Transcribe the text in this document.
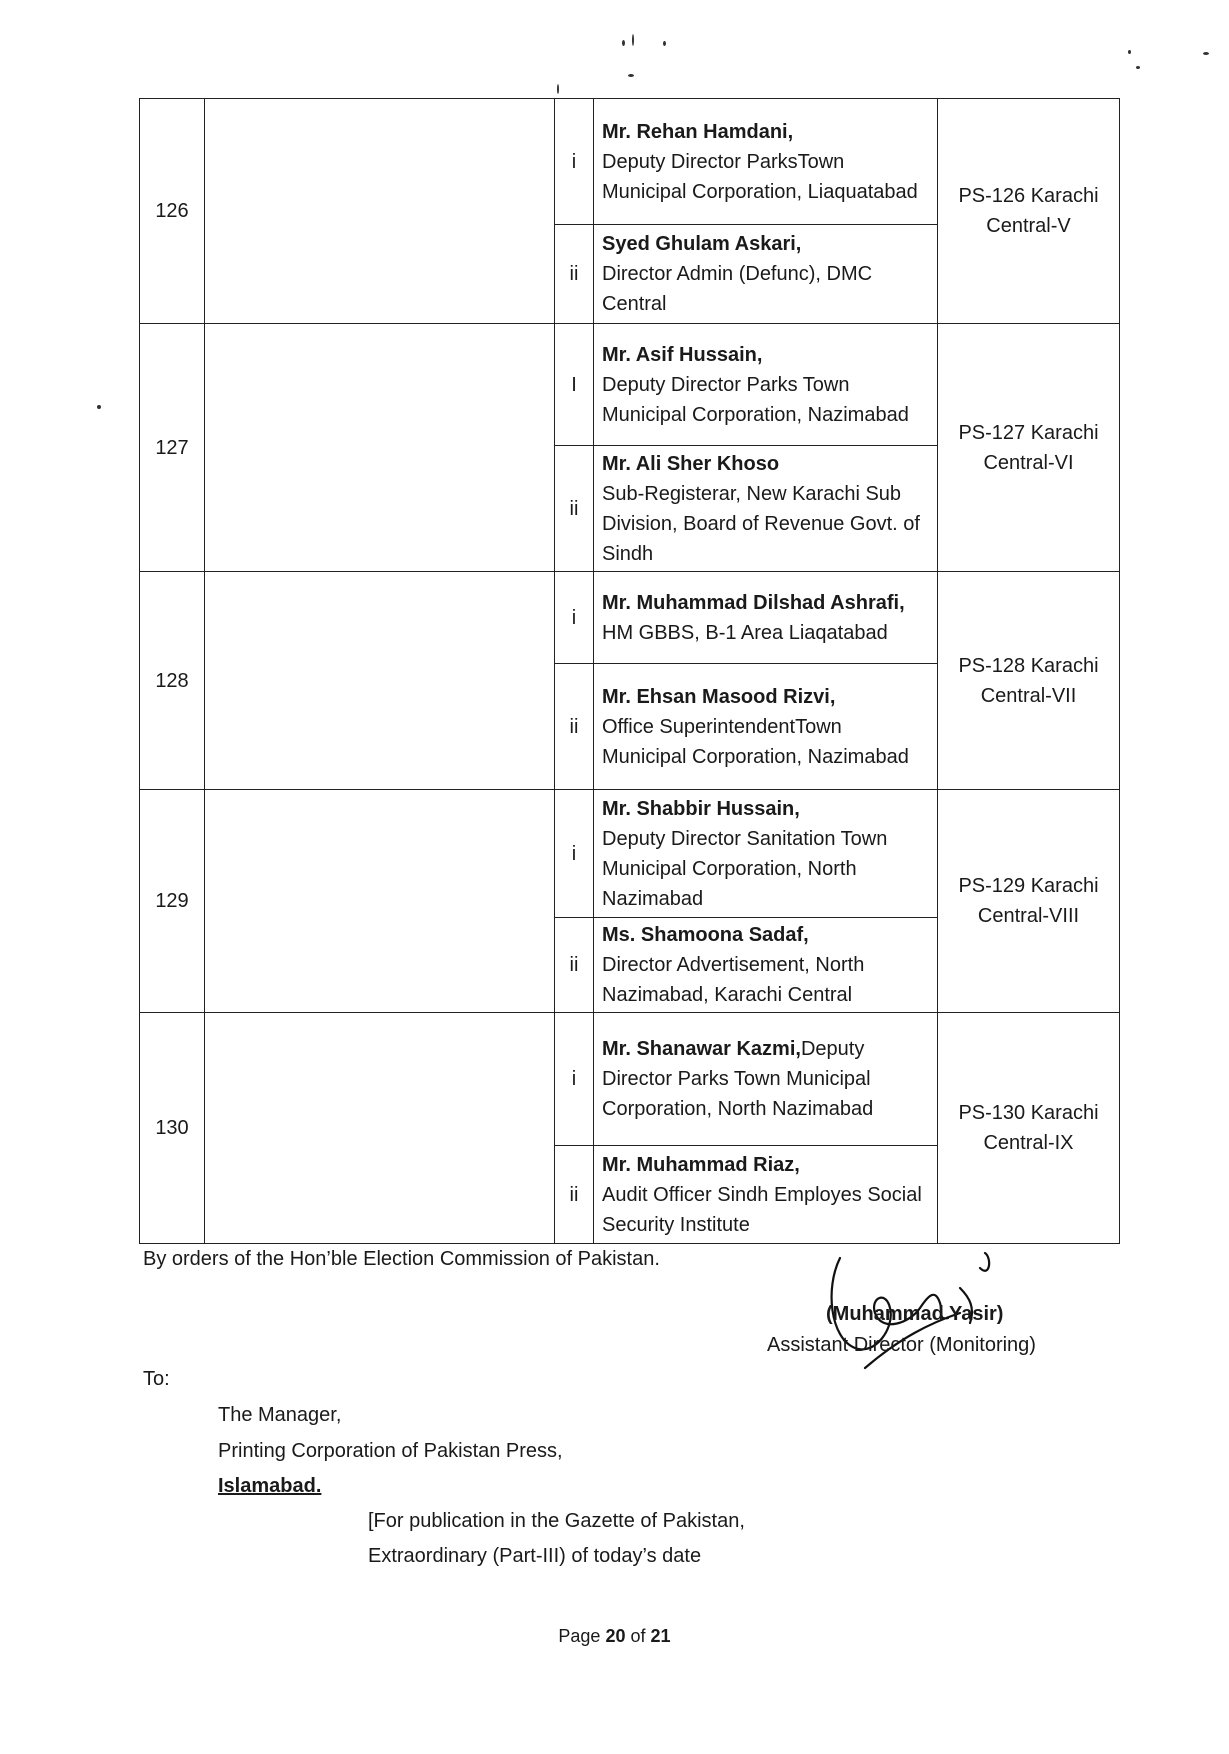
126		i	Mr. Rehan Hamdani,
Deputy Director ParksTown Municipal Corporation, Liaquatabad	PS-126 Karachi Central-V
		ii	Syed Ghulam Askari,
Director Admin (Defunc), DMC Central	

127		I	Mr. Asif Hussain,
Deputy Director Parks Town Municipal Corporation, Nazimabad	PS-127 Karachi Central-VI
		ii	Mr. Ali Sher Khoso
Sub-Registerar, New Karachi Sub Division, Board of Revenue Govt. of Sindh	

128		i	Mr. Muhammad Dilshad Ashrafi,
HM GBBS, B-1 Area Liaqatabad	PS-128 Karachi Central-VII
		ii	Mr. Ehsan Masood Rizvi,
Office SuperintendentTown Municipal Corporation, Nazimabad	

129		i	Mr. Shabbir Hussain,
Deputy Director Sanitation Town Municipal Corporation, North Nazimabad	PS-129 Karachi Central-VIII
		ii	Ms. Shamoona Sadaf,
Director Advertisement, North Nazimabad, Karachi Central	

130		i	Mr. Shanawar Kazmi,Deputy Director Parks Town Municipal Corporation, North Nazimabad	PS-130 Karachi Central-IX
		ii	Mr. Muhammad Riaz,
Audit Officer Sindh Employes Social Security Institute	
By orders of the Hon’ble Election Commission of Pakistan.
(Muhammad Yasir)
Assistant Director (Monitoring)
To:
The Manager,
Printing Corporation of Pakistan Press,
Islamabad.
[For publication in the Gazette of Pakistan,
Extraordinary (Part-III) of today’s date
Page 20 of 21
